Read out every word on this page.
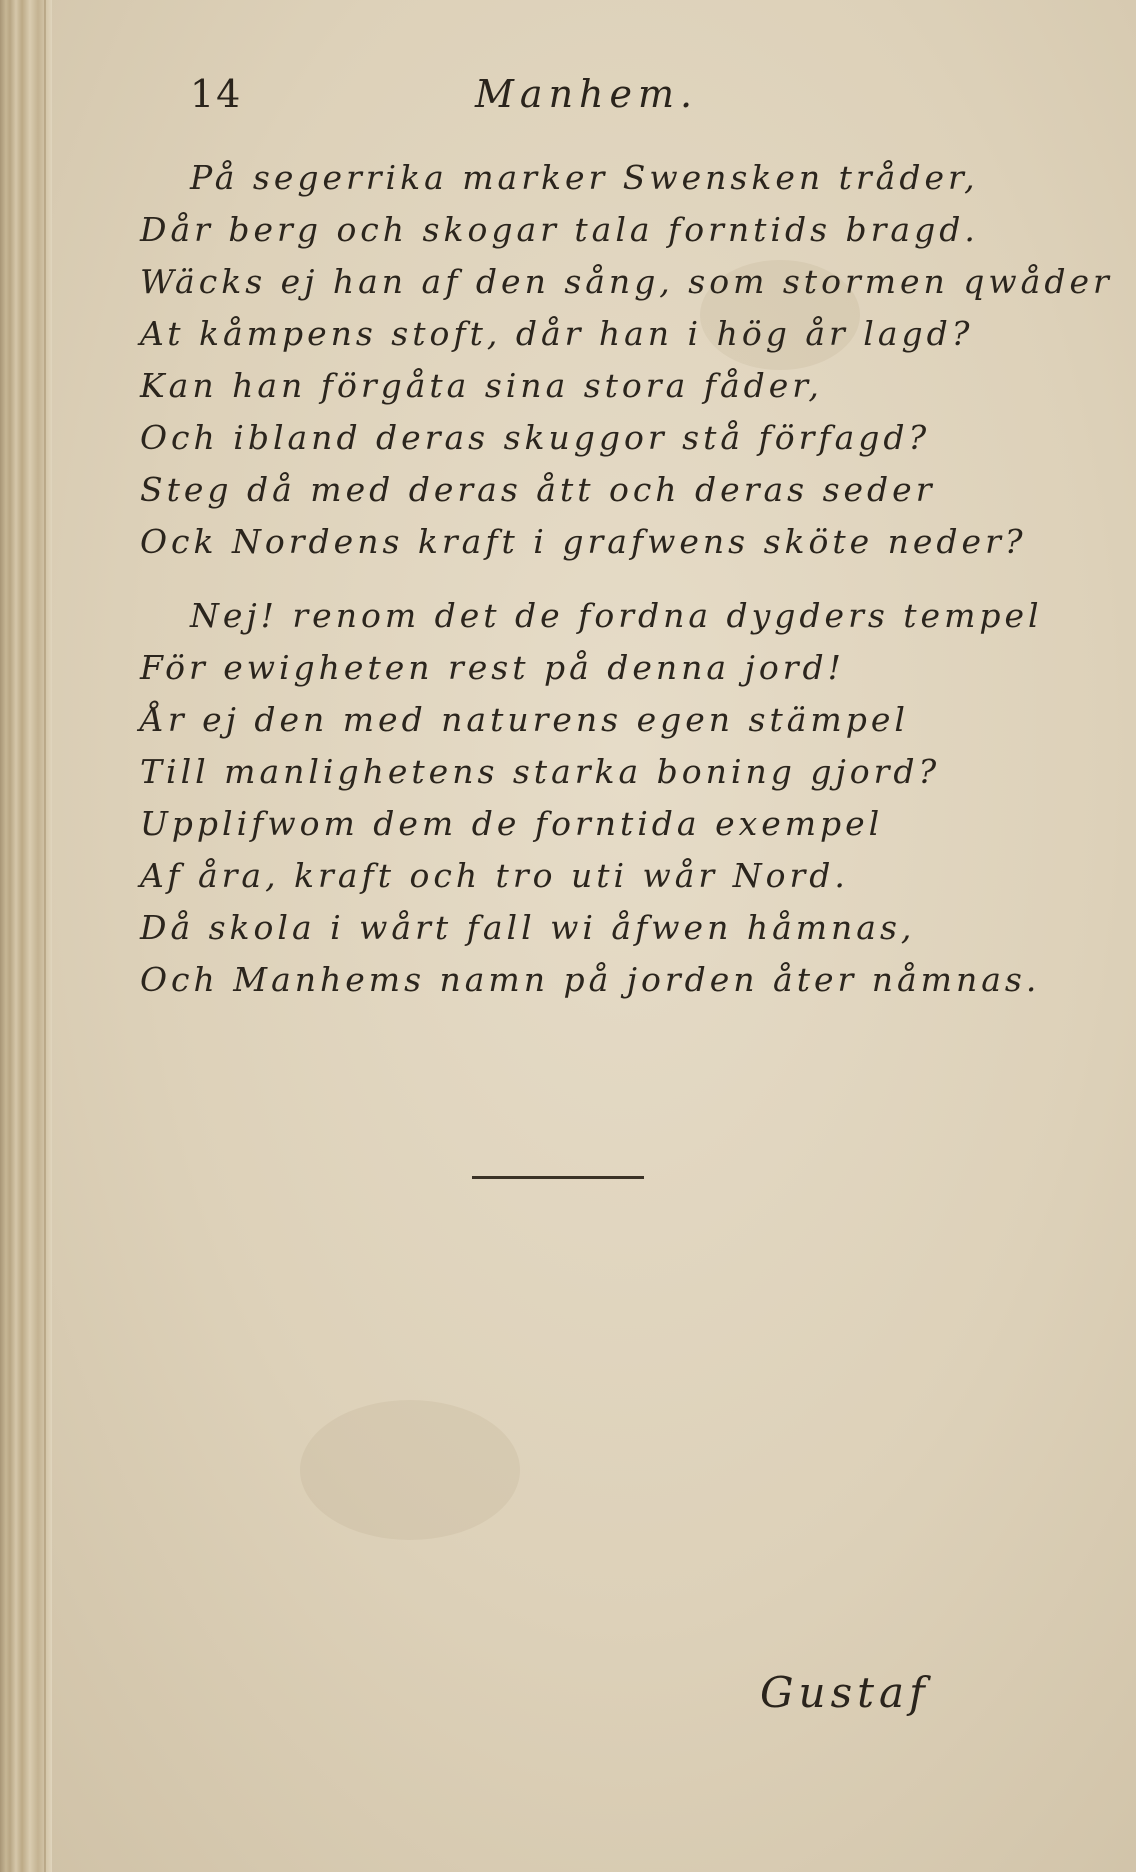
14	Manhem.
På segerrika marker Swensken tråder,
Dår berg och skogar tala forntids bragd.
Wäcks ej han af den sång, som stormen qwåder
At kåmpens stoft, dår han i hög år lagd?
Kan han förgåta sina stora fåder,
Och ibland deras skuggor stå förfagd?
Steg då med deras ått och deras seder
Ock Nordens kraft i grafwens sköte neder?
Nej! renom det de fordna dygders tempel
För ewigheten rest på denna jord!
År ej den med naturens egen stämpel
Till manlighetens starka boning gjord?
Upplifwom dem de forntida exempel
Af åra, kraft och tro uti wår Nord.
Då skola i wårt fall wi åfwen håmnas,
Och Manhems namn på jorden åter nåmnas.
Gustaf
